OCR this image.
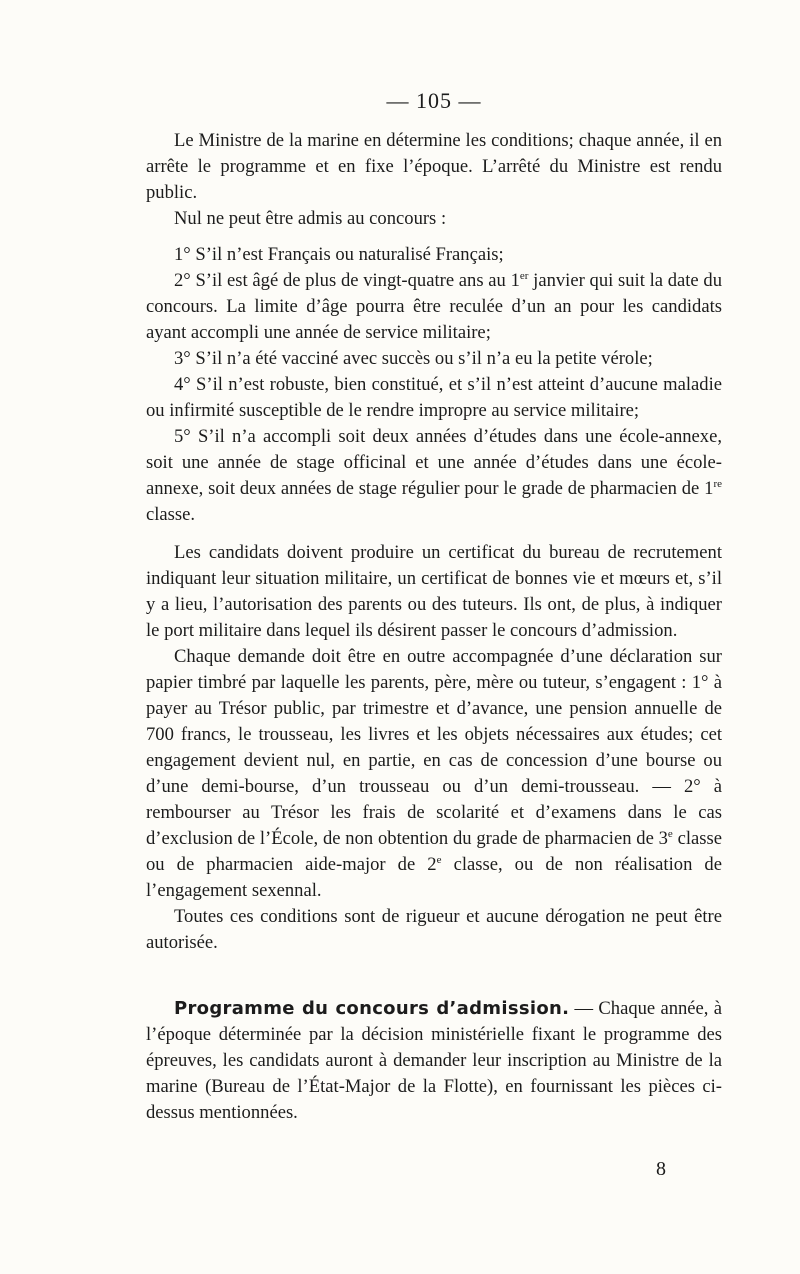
— 105 —

Le Ministre de la marine en détermine les conditions; chaque année, il en arrête le programme et en fixe l’époque. L’arrêté du Ministre est rendu public.

Nul ne peut être admis au concours :

1° S’il n’est Français ou naturalisé Français;

2° S’il est âgé de plus de vingt-quatre ans au 1er janvier qui suit la date du concours. La limite d’âge pourra être reculée d’un an pour les candidats ayant accompli une année de service militaire;

3° S’il n’a été vacciné avec succès ou s’il n’a eu la petite vérole;

4° S’il n’est robuste, bien constitué, et s’il n’est atteint d’aucune maladie ou infirmité susceptible de le rendre impropre au service militaire;

5° S’il n’a accompli soit deux années d’études dans une école-annexe, soit une année de stage officinal et une année d’études dans une école-annexe, soit deux années de stage régulier pour le grade de pharmacien de 1re classe.

Les candidats doivent produire un certificat du bureau de recrutement indiquant leur situation militaire, un certificat de bonnes vie et mœurs et, s’il y a lieu, l’autorisation des parents ou des tuteurs. Ils ont, de plus, à indiquer le port militaire dans lequel ils désirent passer le concours d’admission.

Chaque demande doit être en outre accompagnée d’une déclaration sur papier timbré par laquelle les parents, père, mère ou tuteur, s’engagent : 1° à payer au Trésor public, par trimestre et d’avance, une pension annuelle de 700 francs, le trousseau, les livres et les objets nécessaires aux études; cet engagement devient nul, en partie, en cas de concession d’une bourse ou d’une demi-bourse, d’un trousseau ou d’un demi-trousseau. — 2° à rembourser au Trésor les frais de scolarité et d’examens dans le cas d’exclusion de l’École, de non obtention du grade de pharmacien de 3e classe ou de pharmacien aide-major de 2e classe, ou de non réalisation de l’engagement sexennal.

Toutes ces conditions sont de rigueur et aucune dérogation ne peut être autorisée.

Programme du concours d’admission. — Chaque année, à l’époque déterminée par la décision ministérielle fixant le programme des épreuves, les candidats auront à demander leur inscription au Ministre de la marine (Bureau de l’État-Major de la Flotte), en fournissant les pièces ci-dessus mentionnées.

8
